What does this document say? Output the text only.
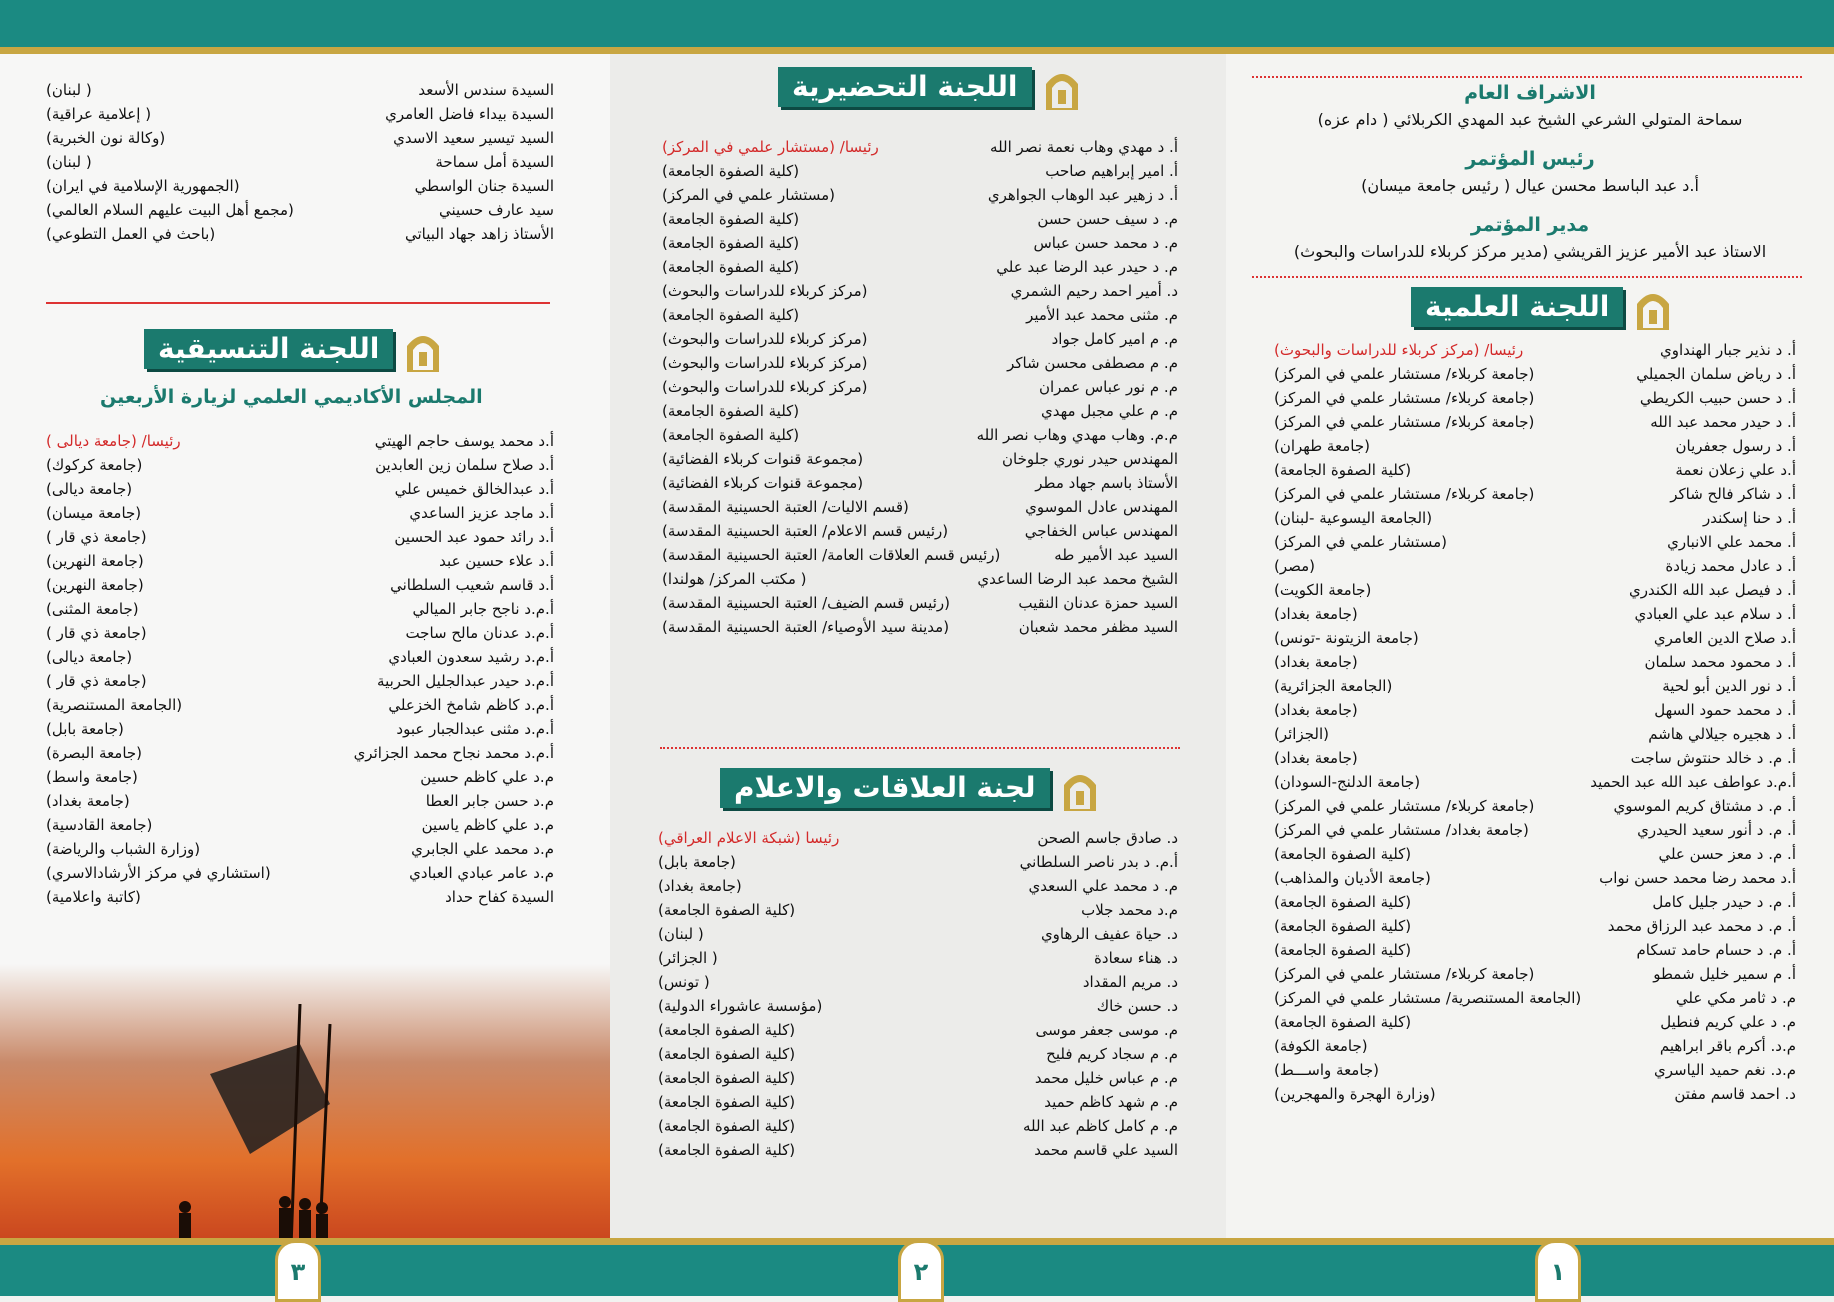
الاشراف العام
سماحة المتولي الشرعي الشيخ عبد المهدي الكربلائي ( دام عزه)
رئيس المؤتمر
أ.د عبد الباسط محسن عيال ( رئيس جامعة ميسان)
مدير المؤتمر
الاستاذ عبد الأمير عزيز القريشي (مدير مركز كربلاء للدراسات والبحوث)
اللجنة العلمية
أ. د نذير جبار الهنداوي
رئيسا/ (مركز كربلاء للدراسات والبحوث)
أ. د رياض سلمان الجميلي
(جامعة كربلاء/ مستشار علمي في المركز)
أ. د حسن حبيب الكريطي
(جامعة كربلاء/ مستشار علمي في المركز)
أ. د حيدر محمد عبد الله
(جامعة كربلاء/ مستشار علمي في المركز)
أ. د رسول جعفريان
(جامعة طهران)
أ.د علي زعلان نعمة
(كلية الصفوة الجامعة)
أ. د شاكر فالح شاكر
(جامعة كربلاء/ مستشار علمي في المركز)
أ. د حنا إسكندر
(الجامعة اليسوعية -لبنان)
أ. محمد علي الانباري
(مستشار علمي في المركز)
أ. د عادل محمد زيادة
(مصر)
أ. د فيصل عبد الله الكندري
(جامعة الكويت)
أ. د سلام عبد علي العبادي
(جامعة بغداد)
أ.د صلاح الدين العامري
(جامعة الزيتونة -تونس)
أ. د محمود محمد سلمان
(جامعة بغداد)
أ. د نور الدين أبو لحية
(الجامعة الجزائرية)
أ. د محمد حمود السهل
(جامعة بغداد)
أ. د هجيره جيلالي هاشم
(الجزائر)
أ. م. د خالد حنتوش ساجت
(جامعة بغداد)
أ.م.د عواطف عبد الله عبد الحميد
(جامعة الدلنج-السودان)
أ. م. د مشتاق كريم الموسوي
(جامعة كربلاء/ مستشار علمي في المركز)
أ. م. د أنور سعيد الحيدري
(جامعة بغداد/ مستشار علمي في المركز)
أ. م. د معز حسن علي
(كلية الصفوة الجامعة)
أ.د محمد رضا محمد حسن نواب
(جامعة الأديان والمذاهب)
أ. م. د حيدر جليل كامل
(كلية الصفوة الجامعة)
أ. م. د محمد عبد الرزاق محمد
(كلية الصفوة الجامعة)
أ. م. د حسام حامد تسكام
(كلية الصفوة الجامعة)
أ. م سمير خليل شمطو
(جامعة كربلاء/ مستشار علمي في المركز)
م. د ثامر مكي علي
(الجامعة المستنصرية/ مستشار علمي في المركز)
م. د علي كريم فنطيل
(كلية الصفوة الجامعة)
م.د. أكرم باقر ابراهيم
(جامعة الكوفة)
م.د. نغم حميد الياسري
(جامعة واســـط)
د. احمد قاسم مفتن
(وزارة الهجرة والمهجرين)
اللجنة التحضيرية
أ. د مهدي وهاب نعمة نصر الله
رئيسا/ (مستشار علمي في المركز)
أ. امير إبراهيم صاحب
(كلية الصفوة الجامعة)
أ. د زهير عبد الوهاب الجواهري
(مستشار علمي في المركز)
م. د سيف حسن حسن
(كلية الصفوة الجامعة)
م. د محمد حسن عباس
(كلية الصفوة الجامعة)
م. د حيدر عبد الرضا عبد علي
(كلية الصفوة الجامعة)
د. أمير احمد رحيم الشمري
(مركز كربلاء للدراسات والبحوث)
م. مثنى محمد عبد الأمير
(كلية الصفوة الجامعة)
م. م امير كامل جواد
(مركز كربلاء للدراسات والبحوث)
م. م مصطفى محسن شاكر
(مركز كربلاء للدراسات والبحوث)
م. م نور عباس عمران
(مركز كربلاء للدراسات والبحوث)
م. م علي مجبل مهدي
(كلية الصفوة الجامعة)
م.م. وهاب مهدي وهاب نصر الله
(كلية الصفوة الجامعة)
المهندس حيدر نوري جلوخان
(مجموعة قنوات كربلاء الفضائية)
الأستاذ باسم جهاد مطر
(مجموعة قنوات كربلاء الفضائية)
المهندس عادل الموسوي
(قسم الاليات/ العتبة الحسينية المقدسة)
المهندس عباس الخفاجي
(رئيس قسم الاعلام/ العتبة الحسينية المقدسة)
السيد عبد الأمير طه
(رئيس قسم العلاقات العامة/ العتبة الحسينية المقدسة)
الشيخ محمد عبد الرضا الساعدي
( مكتب المركز/ هولندا)
السيد حمزة عدنان النقيب
(رئيس قسم الضيف/ العتبة الحسينية المقدسة)
السيد مظفر محمد شعبان
(مدينة سيد الأوصياء/ العتبة الحسينية المقدسة)
لجنة العلاقات والاعلام
د. صادق جاسم الصحن
رئيسا (شبكة الاعلام العراقي)
أ.م. د بدر ناصر السلطاني
(جامعة بابل)
م. د محمد علي السعدي
(جامعة بغداد)
م.د محمد جلاب
(كلية الصفوة الجامعة)
د. حياة عفيف الرهاوي
( لبنان)
د. هناء سعادة
( الجزائر)
د. مريم المقداد
( تونس)
د. حسن خاك
(مؤسسة عاشوراء الدولية)
م. موسى جعفر موسى
(كلية الصفوة الجامعة)
م. م سجاد كريم فليح
(كلية الصفوة الجامعة)
م. م عباس خليل محمد
(كلية الصفوة الجامعة)
م. م شهد كاظم حميد
(كلية الصفوة الجامعة)
م. م كامل كاظم عبد الله
(كلية الصفوة الجامعة)
السيد علي قاسم محمد
(كلية الصفوة الجامعة)
السيدة سندس الأسعد
( لبنان)
السيدة بيداء فاضل العامري
( إعلامية عراقية)
السيد تيسير سعيد الاسدي
(وكالة نون الخبرية)
السيدة أمل سماحة
( لبنان)
السيدة جنان الواسطي
(الجمهورية الإسلامية في ايران)
سيد عارف حسيني
(مجمع أهل البيت عليهم السلام العالمي)
الأستاذ زاهد جهاد البياتي
(باحث في العمل التطوعي)
اللجنة التنسيقية
المجلس الأكاديمي العلمي لزيارة الأربعين
أ.د محمد يوسف حاجم الهيتي
رئيسا/ (جامعة ديالى )
أ.د صلاح سلمان زين العابدين
(جامعة كركوك)
أ.د عبدالخالق خميس علي
(جامعة ديالى)
أ.د ماجد عزيز الساعدي
(جامعة ميسان)
أ.د رائد حمود عبد الحسين
(جامعة ذي قار )
أ.د علاء حسين عبد
(جامعة النهرين)
أ.د قاسم شعيب السلطاني
(جامعة النهرين)
أ.م.د ناجح جابر الميالي
(جامعة المثنى)
أ.م.د عدنان مالح ساجت
(جامعة ذي قار )
أ.م.د رشيد سعدون العبادي
(جامعة ديالى)
أ.م.د حيدر عبدالجليل الحربية
(جامعة ذي قار )
أ.م.د كاظم شامخ الخزعلي
(الجامعة المستنصرية)
أ.م.د مثنى عبدالجبار عبود
(جامعة بابل)
أ.م.د محمد نجاح محمد الجزائري
(جامعة البصرة)
م.د علي كاظم حسين
(جامعة واسط)
م.د حسن جابر العطا
(جامعة بغداد)
م.د علي كاظم ياسين
(جامعة القادسية)
م.د محمد علي الجابري
(وزارة الشباب والرياضة)
م.د عامر عبادي العبادي
(استشاري في مركز الأرشادالاسري)
السيدة كفاح حداد
(كاتبة واعلامية)
١
٢
٣
